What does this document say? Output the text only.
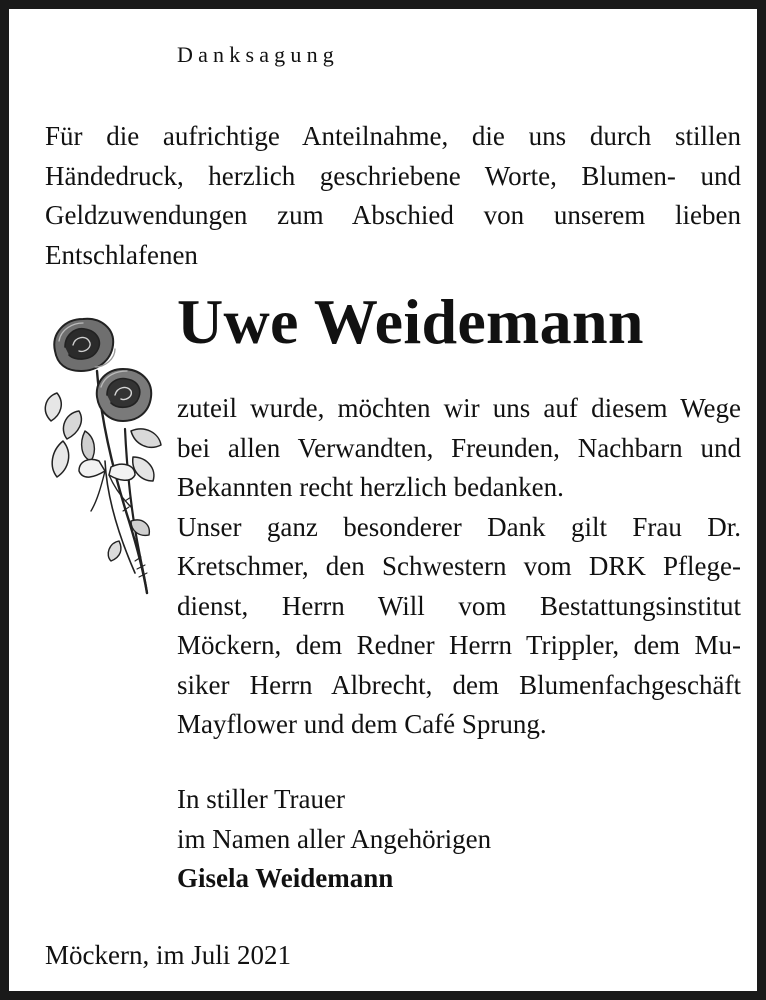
Danksagung
Für die aufrichtige Anteilnahme, die uns durch stillen
Händedruck, herzlich geschriebene Worte, Blumen- und
Geldzuwendungen zum Abschied von unserem lieben
Entschlafenen
Uwe Weidemann
zuteil wurde, möchten wir uns auf diesem Wege
bei allen Verwandten, Freunden, Nachbarn und
Bekannten recht herzlich bedanken.
Unser ganz besonderer Dank gilt Frau Dr.
Kretschmer, den Schwestern vom DRK Pflege-
dienst, Herrn Will vom Bestattungsinstitut
Möckern, dem Redner Herrn Trippler, dem Mu-
siker Herrn Albrecht, dem Blumenfachgeschäft
Mayflower und dem Café Sprung.
In stiller Trauer
im Namen aller Angehörigen
Gisela Weidemann
Möckern, im Juli 2021
